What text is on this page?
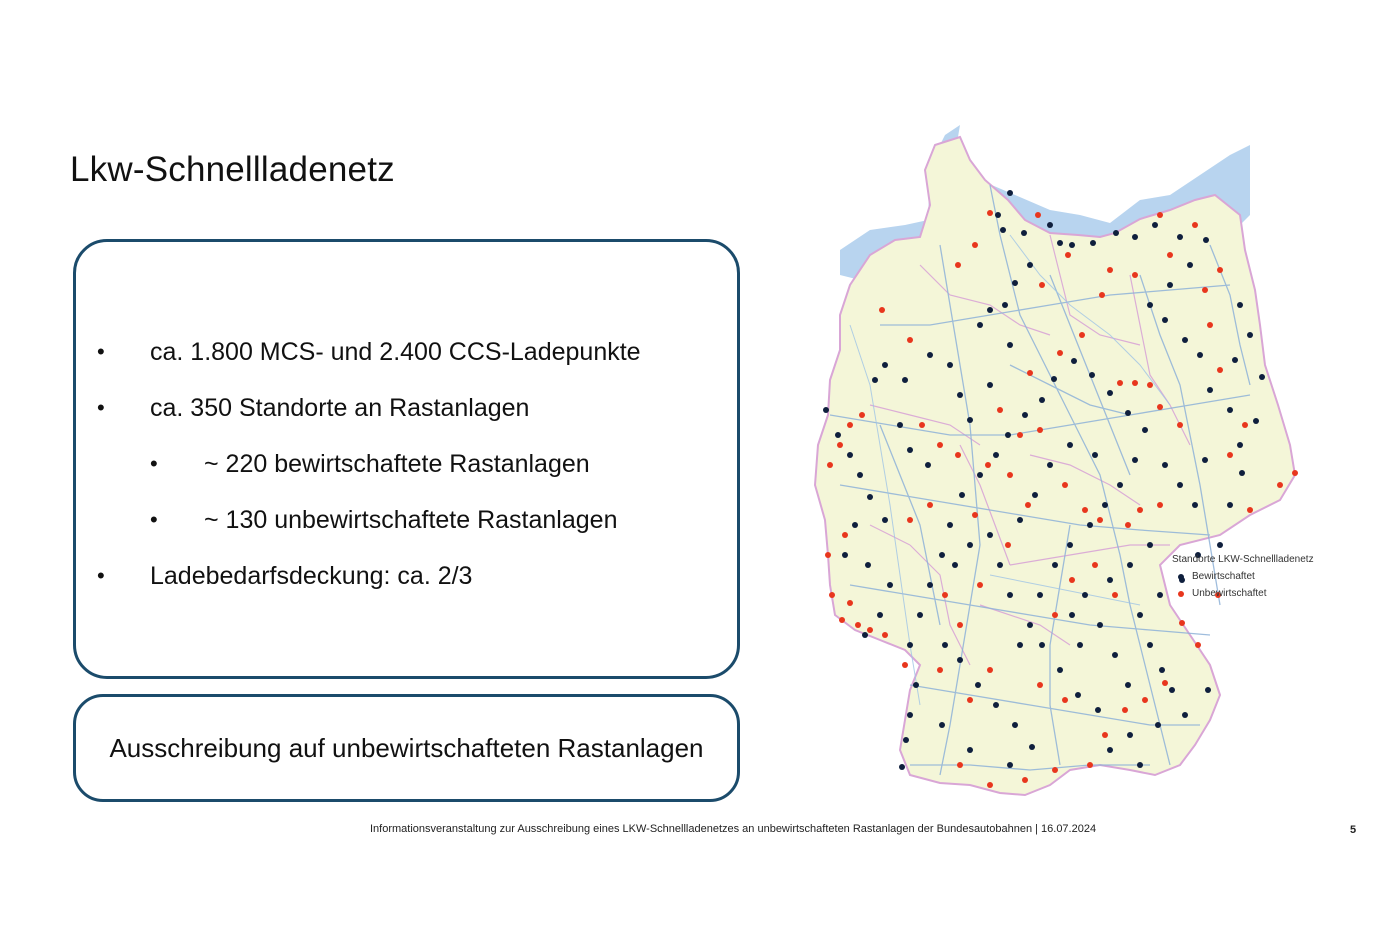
Lkw-Schnellladenetz
• ca. 1.800 MCS- und 2.400 CCS-Ladepunkte
• ca. 350 Standorte an Rastanlagen
• ~ 220 bewirtschaftete Rastanlagen
• ~ 130 unbewirtschaftete Rastanlagen
• Ladebedarfsdeckung: ca. 2/3
Ausschreibung auf unbewirtschafteten Rastanlagen
Standorte LKW-Schnellladenetz
Bewirtschaftet
Unbewirtschaftet
Informationsveranstaltung zur Ausschreibung eines LKW-Schnellladenetzes an unbewirtschafteten Rastanlagen der Bundesautobahnen | 16.07.2024	5
